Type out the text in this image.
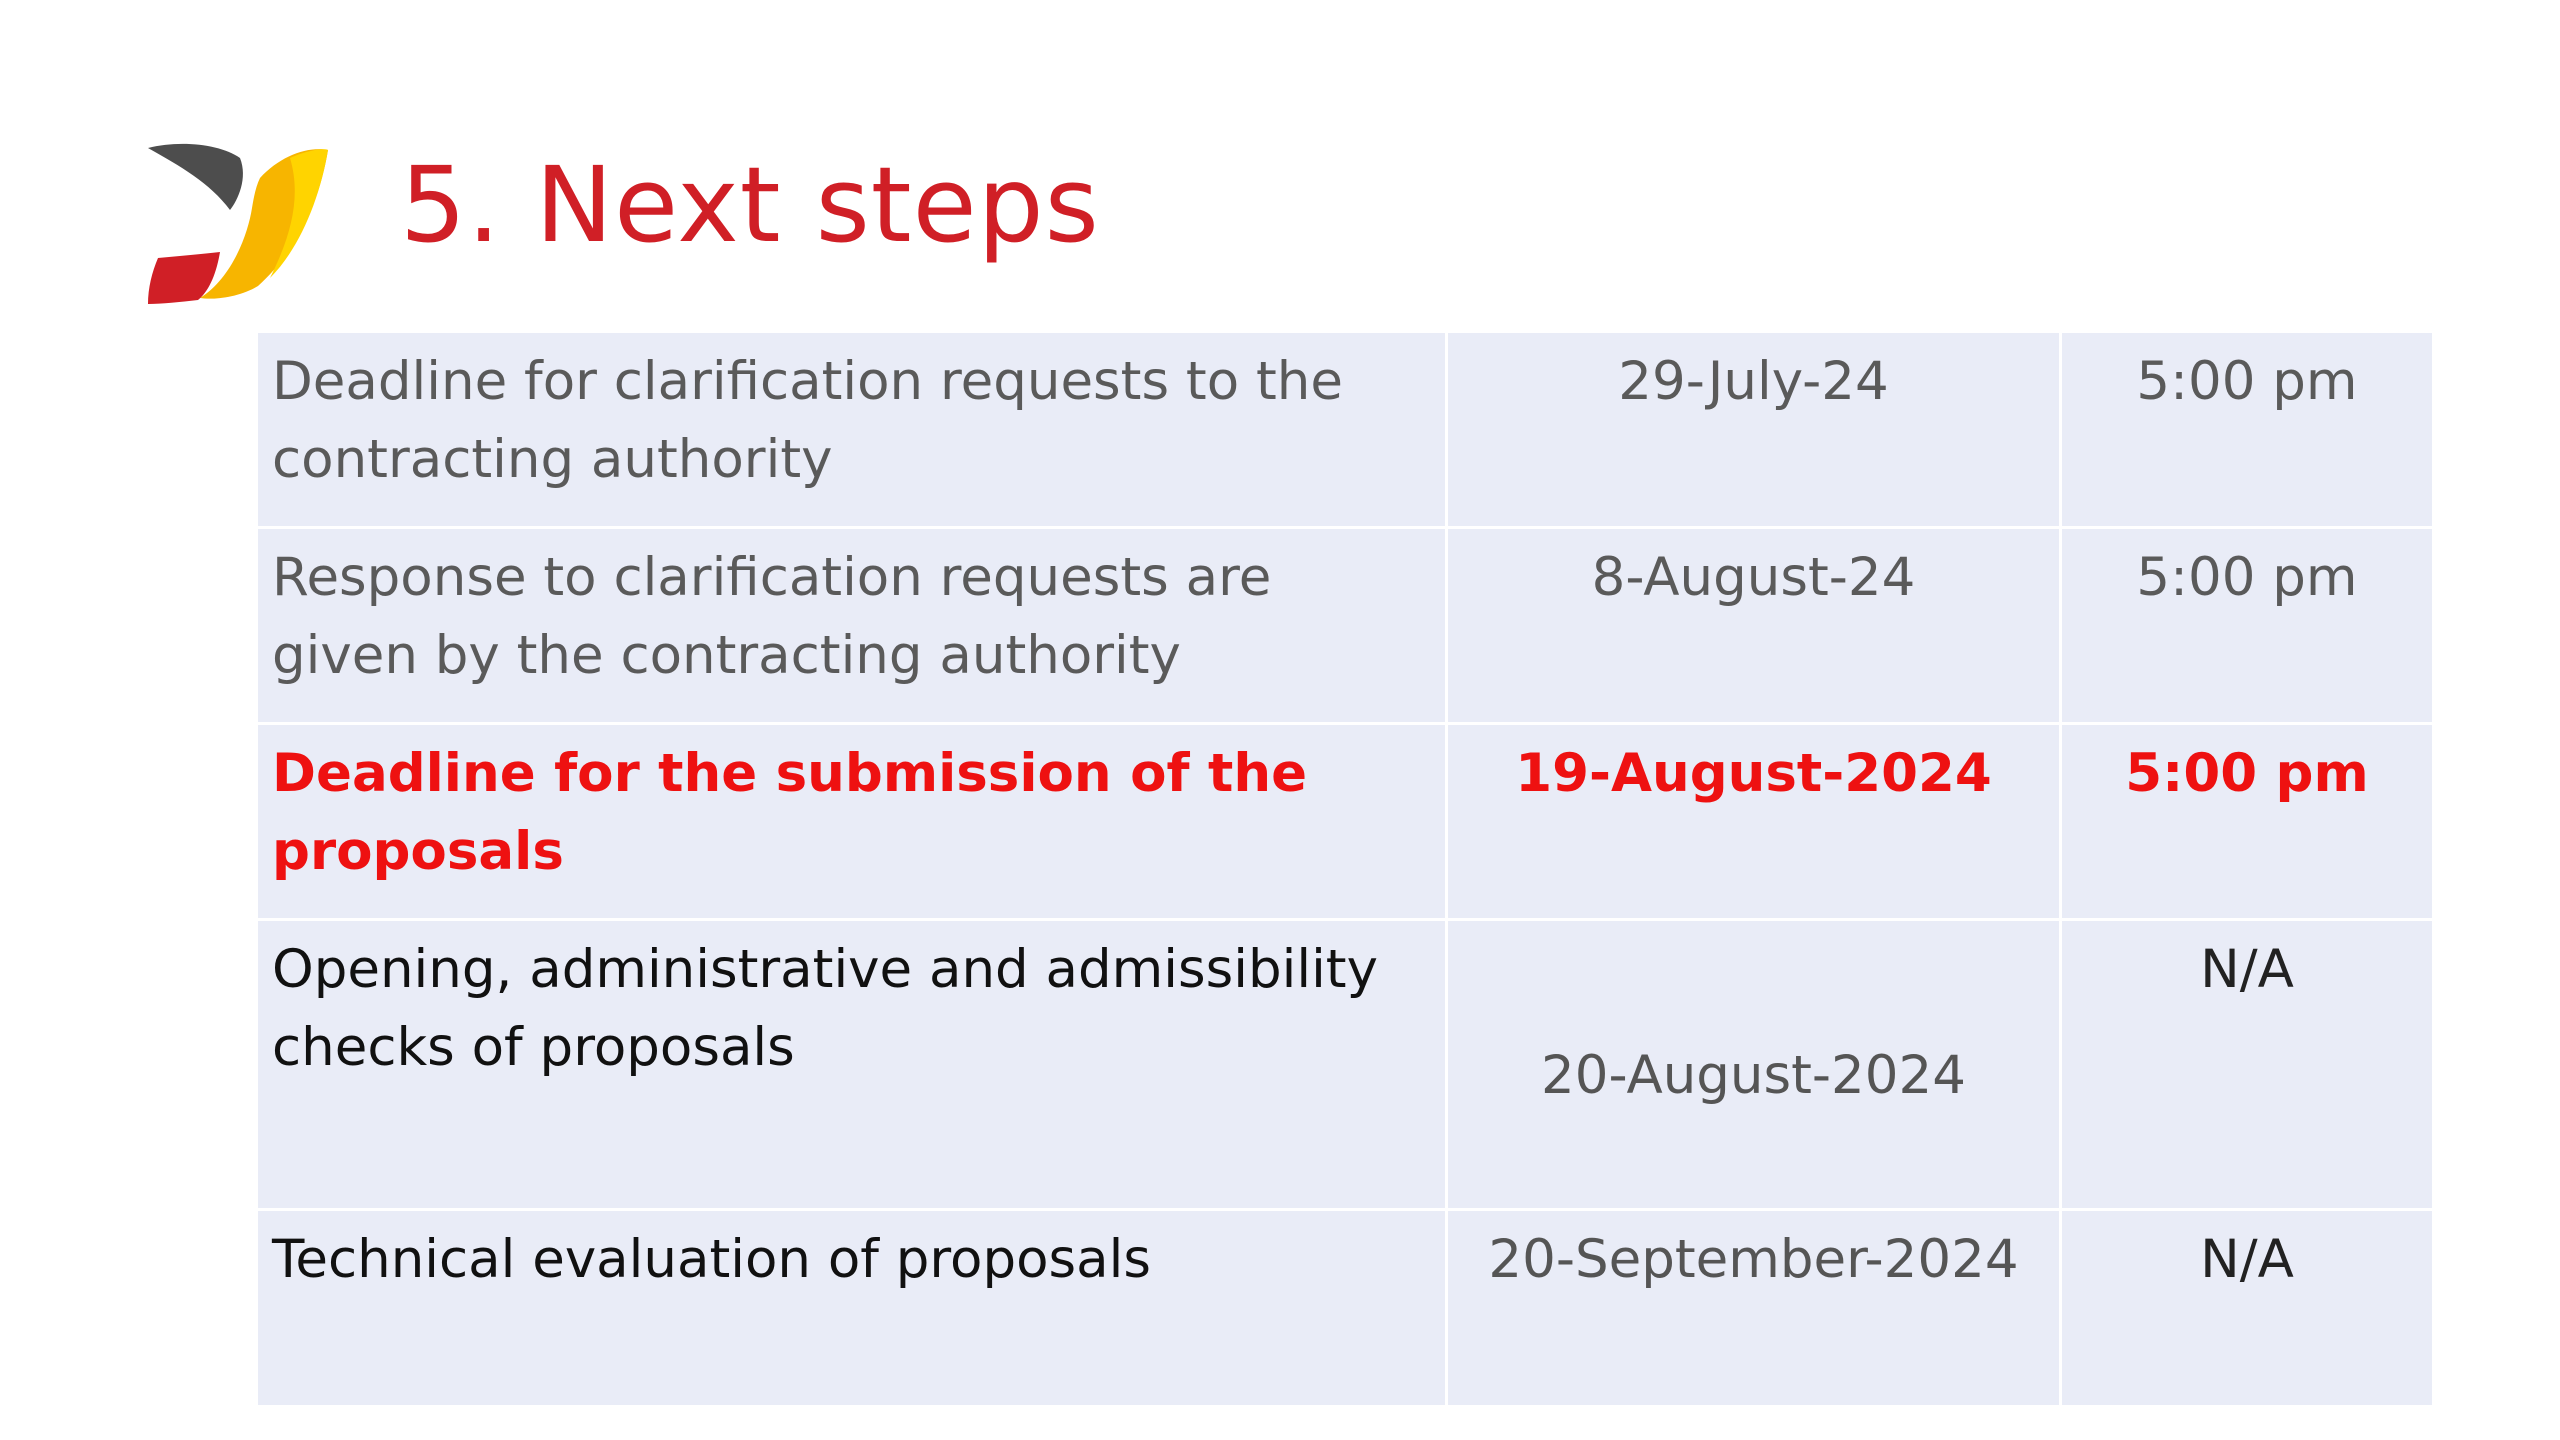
5. Next steps
Deadline for clarification requests to the contracting authority	29-July-24	5:00 pm
Response to clarification requests are given by the contracting authority	8-August-24	5:00 pm
Deadline for the submission of the proposals	19-August-2024	5:00 pm
Opening, administrative and admissibility checks of proposals	20-August-2024	N/A
Technical evaluation of proposals	20-September-2024	N/A
